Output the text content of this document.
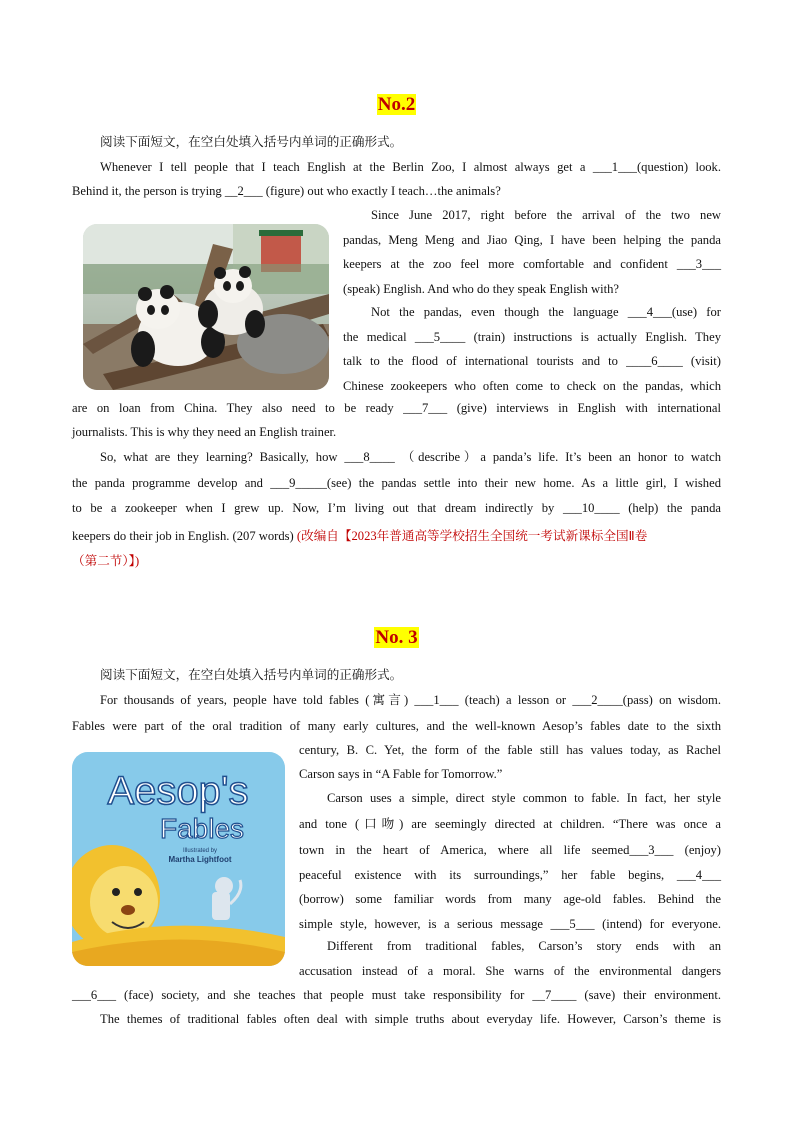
No.2
阅读下面短文，在空白处填入括号内单词的正确形式。
Whenever I tell people that I teach English at the Berlin Zoo, I almost always get a ___1___(question) look.
Behind it, the person is trying __2___ (figure) out who exactly I teach…the animals?
Since June 2017, right before the arrival of the two new
pandas, Meng Meng and Jiao Qing, I have been helping the panda
keepers at the zoo feel more comfortable and confident ___3___
(speak) English. And who do they speak English with?
Not the pandas, even though the language ___4___(use) for
the medical ___5____ (train) instructions is actually English. They
talk to the flood of international tourists and to ____6____ (visit)
Chinese zookeepers who often come to check on the pandas, which
are on loan from China. They also need to be ready ___7___ (give) interviews in English with international
journalists. This is why they need an English trainer.
So, what are they learning? Basically, how ___8____ （describe）a panda’s life. It’s been an honor to watch
the panda programme develop and ___9_____(see) the pandas settle into their new home. As a little girl, I wished
to be a zookeeper when I grew up. Now, I’m living out that dream indirectly by ___10____ (help) the panda
keepers do their job in English. (207 words) (改编自【2023年普通高等学校招生全国统一考试新课标全国Ⅱ卷
（第二节）】)
No. 3
阅读下面短文，在空白处填入括号内单词的正确形式。
For thousands of years, people have told fables (寓言) ___1___ (teach) a lesson or ___2____(pass) on wisdom.
Fables were part of the oral tradition of many early cultures, and the well-known Aesop’s fables date to the sixth
Aesop's
Fables
Illustrated by
Martha Lightfoot
century, B. C. Yet, the form of the fable still has values today, as Rachel
Carson says in “A Fable for Tomorrow.”
Carson uses a simple, direct style common to fable. In fact, her style
and tone (口吻) are seemingly directed at children. “There was once a
town in the heart of America, where all life seemed___3___ (enjoy)
peaceful existence with its surroundings,” her fable begins, ___4___
(borrow) some familiar words from many age-old fables. Behind the
simple style, however, is a serious message ___5___ (intend) for everyone.
Different from traditional fables, Carson’s story ends with an
accusation instead of a moral. She warns of the environmental dangers
___6___ (face) society, and she teaches that people must take responsibility for __7____ (save) their environment.
The themes of traditional fables often deal with simple truths about everyday life. However, Carson’s theme is
